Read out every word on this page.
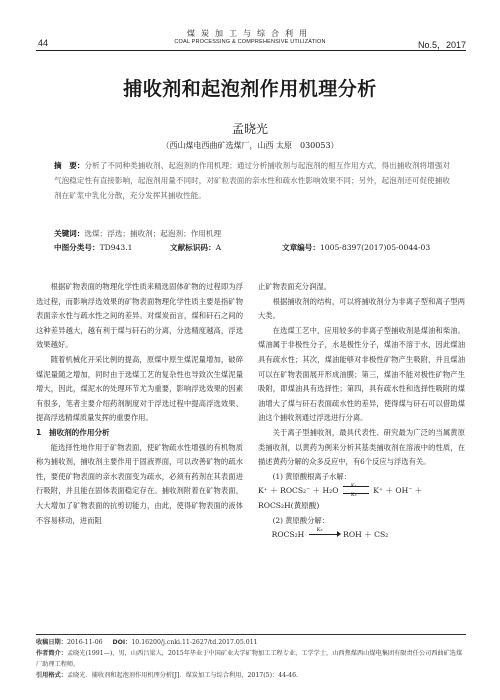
44
煤炭加工与综合利用
COAL PROCESSING & COMPREHENSIVE UTILIZATION	No.5，2017
捕收剂和起泡剂作用机理分析
孟晓光
（西山煤电西曲矿选煤厂，山西 太原　030053）
摘　要：分析了不同种类捕收剂、起泡剂的作用机理；通过分析捕收剂与起泡剂的相互作用方式，得出捕收剂将增强对气泡稳定性有直接影响，起泡剂用量不同时，对矿粒表面的亲水性和疏水性影响效果不同；另外，起泡剂还可促使捕收剂在矿浆中乳化分散，充分发挥其捕收性能。
关键词：选煤；浮选；捕收剂；起泡剂；作用机理
中图分类号：TD943.1	文献标识码：A	文章编号：1005-8397(2017)05-0044-03

根据矿物表面的物理化学性质来精选固体矿物的过程即为浮选过程，而影响浮选效果的矿物表面物理化学性质主要是指矿物表面亲水性与疏水性之间的差异。对煤炭而言，煤和矸石之间的这种差异越大，越有利于煤与矸石的分离，分选精度越高，浮选效果越好。

随着机械化开采比例的提高，原煤中原生煤泥量增加，破碎煤泥量随之增加，同时由于选煤工艺的复杂性也导致次生煤泥量增大，因此，煤泥水的处理环节尤为重要，影响浮选效果的因素有很多，笔者主要介绍药剂制度对于浮选过程中提高浮选效果、提高浮选精煤质量发挥的重要作用。

1　捕收剂的作用分析

能选择性地作用于矿物表面，使矿物疏水性增强的有机物质称为捕收剂，捕收剂主要作用于固液界面，可以改善矿物的疏水性，要使矿物表面的亲水表面变为疏水，必须有药剂在其表面进行吸附，并且能在固体表面稳定存在。捕收剂附着在矿物表面，大大增加了矿物表面的抗剪切能力，由此，使得矿物表面的液体不容易移动，进而阻

止矿物表面充分润湿。

根据捕收剂的结构，可以将捕收剂分为非离子型和离子型两大类。

在选煤工艺中，应用较多的非离子型捕收剂是煤油和柴油。煤油属于非极性分子，水是极性分子，煤油不溶于水，因此煤油具有疏水性；其次，煤油能够对非极性矿物产生吸附，并且煤油可以在矿物表面展开形成油膜；第三，煤油不能对极性矿物产生吸附，即煤油具有选择性；第四，具有疏水性和选择性吸附的煤油增大了煤与矸石表面疏水性的差异，使得煤与矸石可以借助煤油这个捕收剂通过浮选进行分离。

关于离子型捕收剂，最具代表性、研究最为广泛的当属黄原类捕收剂，以黄药为例来分析其基类捕收剂在溶液中的性质，在描述黄药分解的众多反应中，有6个反应与浮选有关。

(1) 黄原酸根离子水解：

K⁺ ＋ ROCS₂⁻ ＋ H₂O K₁
K₂ K⁺ ＋ OH⁻ ＋
ROCS₂H(黄原酸)

(2) 黄原酸分解：

ROCS₂H K₃	ROH ＋ CS₂
收稿日期：2016-11-06 DOI：10.16200/j.cnki.11-2627/td.2017.05.011
作者简介：孟晓光(1991—)，男，山西吕梁人，2015年毕业于中国矿业大学矿物加工工程专业，工学学士，山西焦煤西山煤电集团有限责任公司西曲矿选煤厂助理工程师。
引用格式：孟晓光．捕收剂和起泡剂作用机理分析[J]．煤炭加工与综合利用，2017(5)：44-46.
